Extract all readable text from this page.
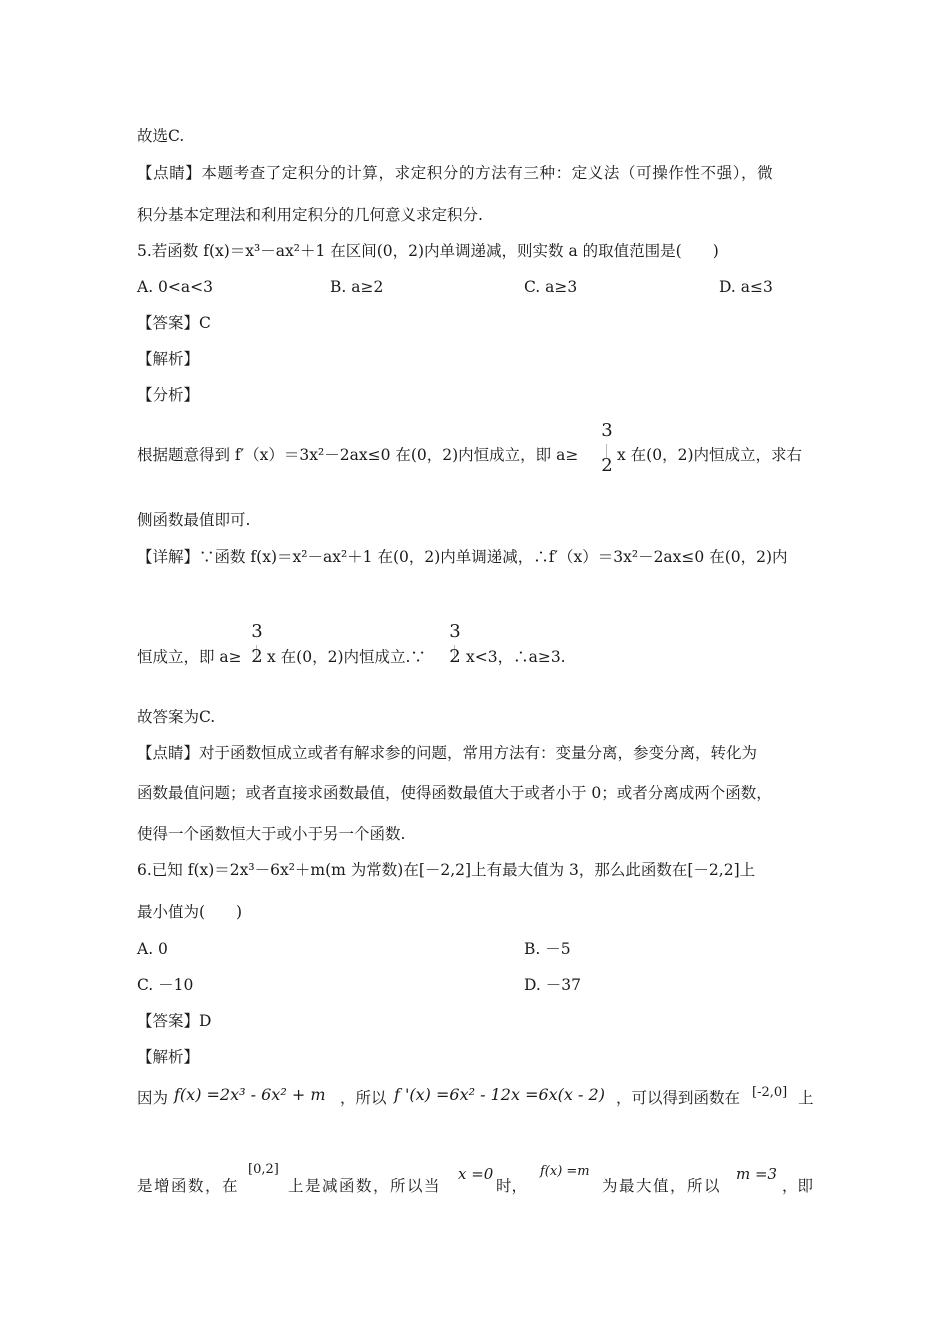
故选C.
【点睛】本题考查了定积分的计算，求定积分的方法有三种：定义法（可操作性不强），微
积分基本定理法和利用定积分的几何意义求定积分.
5.若函数 f(x)＝x³－ax²＋1 在区间(0，2)内单调递减，则实数 a 的取值范围是(　　)
A. 0<a<3	B. a≥2	C. a≥3	D. a≤3
【答案】C
【解析】
【分析】
根据题意得到 f′（x）＝3x²－2ax≤0 在(0，2)内恒成立，即 a≥
3
2 x 在(0，2)内恒成立，求右
侧函数最值即可.
【详解】∵函数 f(x)＝x²－ax²＋1 在(0，2)内单调递减，∴f′（x）＝3x²－2ax≤0 在(0，2)内
恒成立，即 a≥
3
2 x 在(0，2)内恒成立.∵
3
2 x<3，∴a≥3.
故答案为C.
【点睛】对于函数恒成立或者有解求参的问题，常用方法有：变量分离，参变分离，转化为
函数最值问题；或者直接求函数最值，使得函数最值大于或者小于 0；或者分离成两个函数，
使得一个函数恒大于或小于另一个函数.
6.已知 f(x)＝2x³－6x²＋m(m 为常数)在[－2,2]上有最大值为 3，那么此函数在[－2,2]上
最小值为(　　)
A. 0	B. －5
C. －10	D. －37
【答案】D
【解析】
因为 f(x) =2x³ - 6x² + m ，所以 f '(x) =6x² - 12x =6x(x - 2) ，可以得到函数在 [-2,0] 上
是增函数，在
[0,2]
上是减函数，所以当
x =0
时，
f(x) =m
为最大值，所以
m =3
，即
